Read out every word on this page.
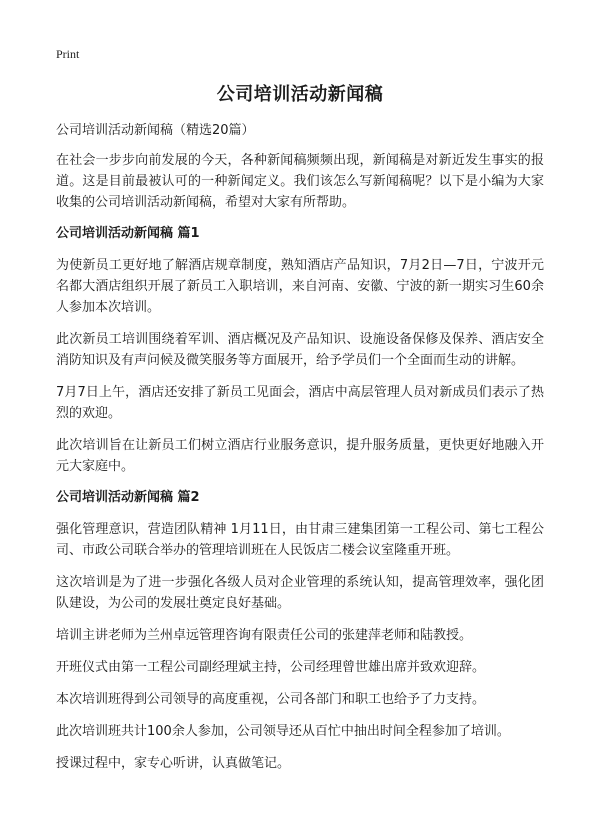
Print
公司培训活动新闻稿

公司培训活动新闻稿（精选20篇）

在社会一步步向前发展的今天，各种新闻稿频频出现，新闻稿是对新近发生事实的报道。这是目前最被认可的一种新闻定义。我们该怎么写新闻稿呢？以下是小编为大家收集的公司培训活动新闻稿，希望对大家有所帮助。

公司培训活动新闻稿 篇1

为使新员工更好地了解酒店规章制度，熟知酒店产品知识，7月2日—7日，宁波开元名都大酒店组织开展了新员工入职培训，来自河南、安徽、宁波的新一期实习生60余人参加本次培训。

此次新员工培训围绕着军训、酒店概况及产品知识、设施设备保修及保养、酒店安全消防知识及有声问候及微笑服务等方面展开，给予学员们一个全面而生动的讲解。

7月7日上午，酒店还安排了新员工见面会，酒店中高层管理人员对新成员们表示了热烈的欢迎。

此次培训旨在让新员工们树立酒店行业服务意识，提升服务质量，更快更好地融入开元大家庭中。

公司培训活动新闻稿 篇2

强化管理意识，营造团队精神 1月11日，由甘肃三建集团第一工程公司、第七工程公司、市政公司联合举办的管理培训班在人民饭店二楼会议室隆重开班。

这次培训是为了进一步强化各级人员对企业管理的系统认知，提高管理效率，强化团队建设，为公司的发展壮奠定良好基础。

培训主讲老师为兰州卓远管理咨询有限责任公司的张建萍老师和陆教授。

开班仪式由第一工程公司副经理斌主持，公司经理曾世雄出席并致欢迎辞。

本次培训班得到公司领导的高度重视，公司各部门和职工也给予了力支持。

此次培训班共计100余人参加，公司领导还从百忙中抽出时间全程参加了培训。

授课过程中，家专心听讲，认真做笔记。
